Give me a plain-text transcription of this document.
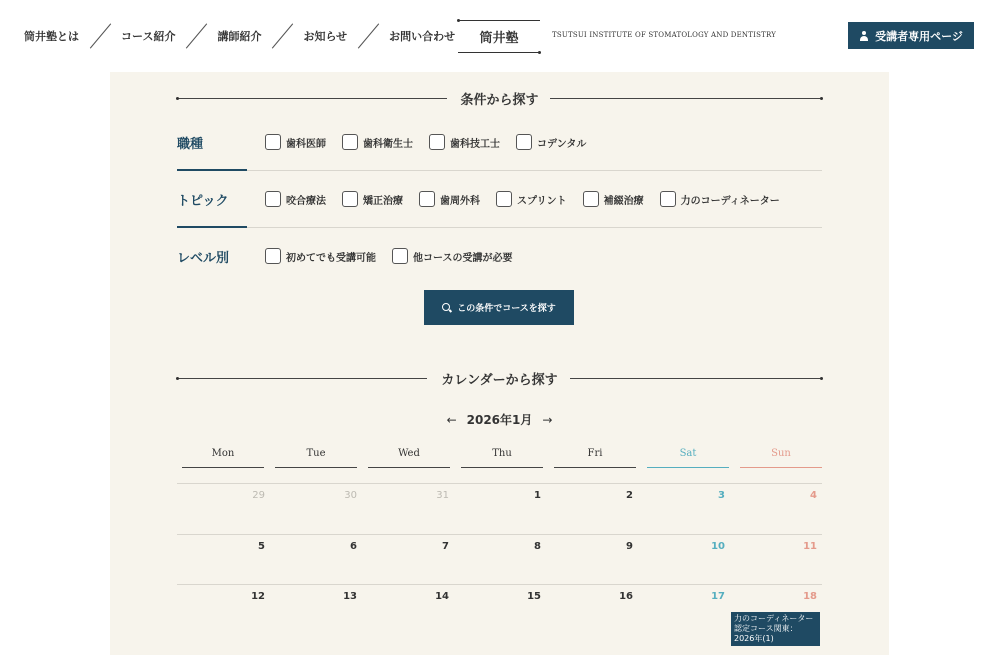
筒井塾とは	コース紹介	講師紹介	お知らせ	お問い合わせ	筒井塾	TSUTSUI INSTITUTE OF STOMATOLOGY AND DENTISTRY	受講者専用ページ
条件から探す
職種	歯科医師	歯科衛生士	歯科技工士	コデンタル
トピック	咬合療法	矯正治療	歯周外科	スプリント	補綴治療	力のコーディネーター
レベル別	初めてでも受講可能	他コースの受講が必要
この条件でコースを探す
カレンダーから探す
← 2026年1月 →
Mon	Tue	Wed	Thu	Fri	Sat	Sun
29	30	31	1	2	3	4
5	6	7	8	9	10	11
12	13	14	15	16	17	18
力のコーディネーター認定コース関東：2026年(1)
